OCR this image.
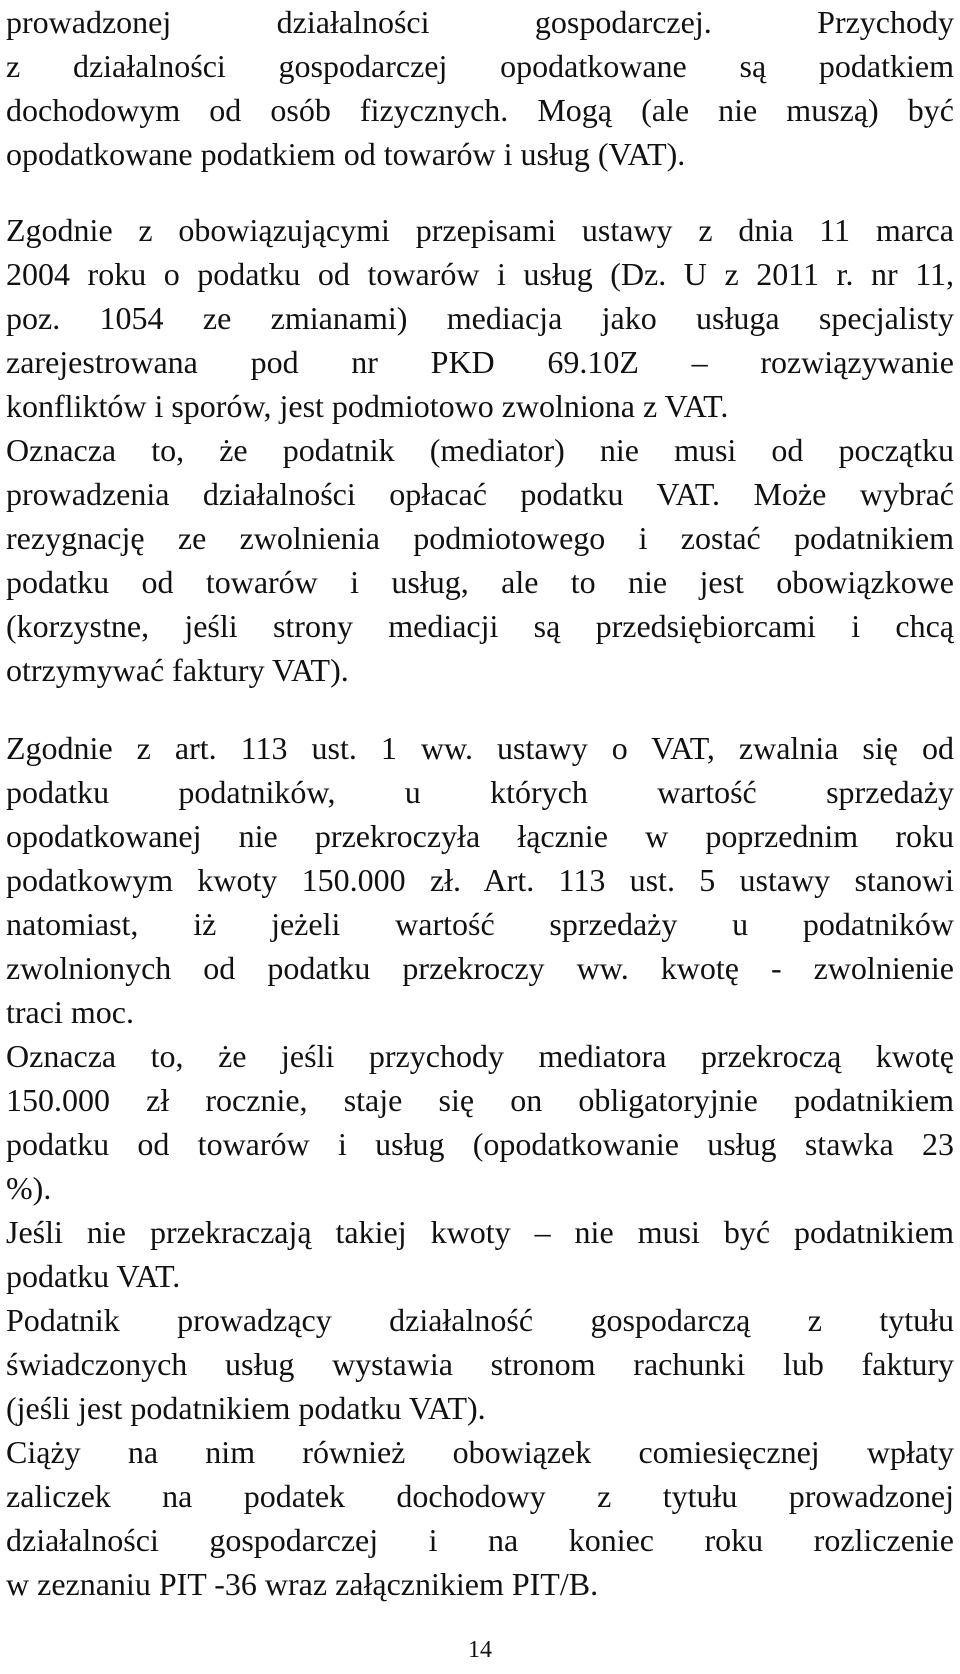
prowadzonej działalności gospodarczej. Przychody
z działalności gospodarczej opodatkowane są podatkiem
dochodowym od osób fizycznych. Mogą (ale nie muszą) być
opodatkowane podatkiem od towarów i usług (VAT).
Zgodnie z obowiązującymi przepisami ustawy z dnia 11 marca
2004 roku o podatku od towarów i usług (Dz. U z 2011 r. nr 11,
poz. 1054 ze zmianami) mediacja jako usługa specjalisty
zarejestrowana pod nr PKD 69.10Z – rozwiązywanie
konfliktów i sporów, jest podmiotowo zwolniona z VAT.
Oznacza to, że podatnik (mediator) nie musi od początku
prowadzenia działalności opłacać podatku VAT. Może wybrać
rezygnację ze zwolnienia podmiotowego i zostać podatnikiem
podatku od towarów i usług, ale to nie jest obowiązkowe
(korzystne, jeśli strony mediacji są przedsiębiorcami i chcą
otrzymywać faktury VAT).
Zgodnie z art. 113 ust. 1 ww. ustawy o VAT, zwalnia się od
podatku podatników, u których wartość sprzedaży
opodatkowanej nie przekroczyła łącznie w poprzednim roku
podatkowym kwoty 150.000 zł. Art. 113 ust. 5 ustawy stanowi
natomiast, iż jeżeli wartość sprzedaży u podatników
zwolnionych od podatku przekroczy ww. kwotę - zwolnienie
traci moc.
Oznacza to, że jeśli przychody mediatora przekroczą kwotę
150.000 zł rocznie, staje się on obligatoryjnie podatnikiem
podatku od towarów i usług (opodatkowanie usług stawka 23
%).
Jeśli nie przekraczają takiej kwoty – nie musi być podatnikiem
podatku VAT.
Podatnik prowadzący działalność gospodarczą z tytułu
świadczonych usług wystawia stronom rachunki lub faktury
(jeśli jest podatnikiem podatku VAT).
Ciąży na nim również obowiązek comiesięcznej wpłaty
zaliczek na podatek dochodowy z tytułu prowadzonej
działalności gospodarczej i na koniec roku rozliczenie
w zeznaniu PIT -36 wraz załącznikiem PIT/B.
14
